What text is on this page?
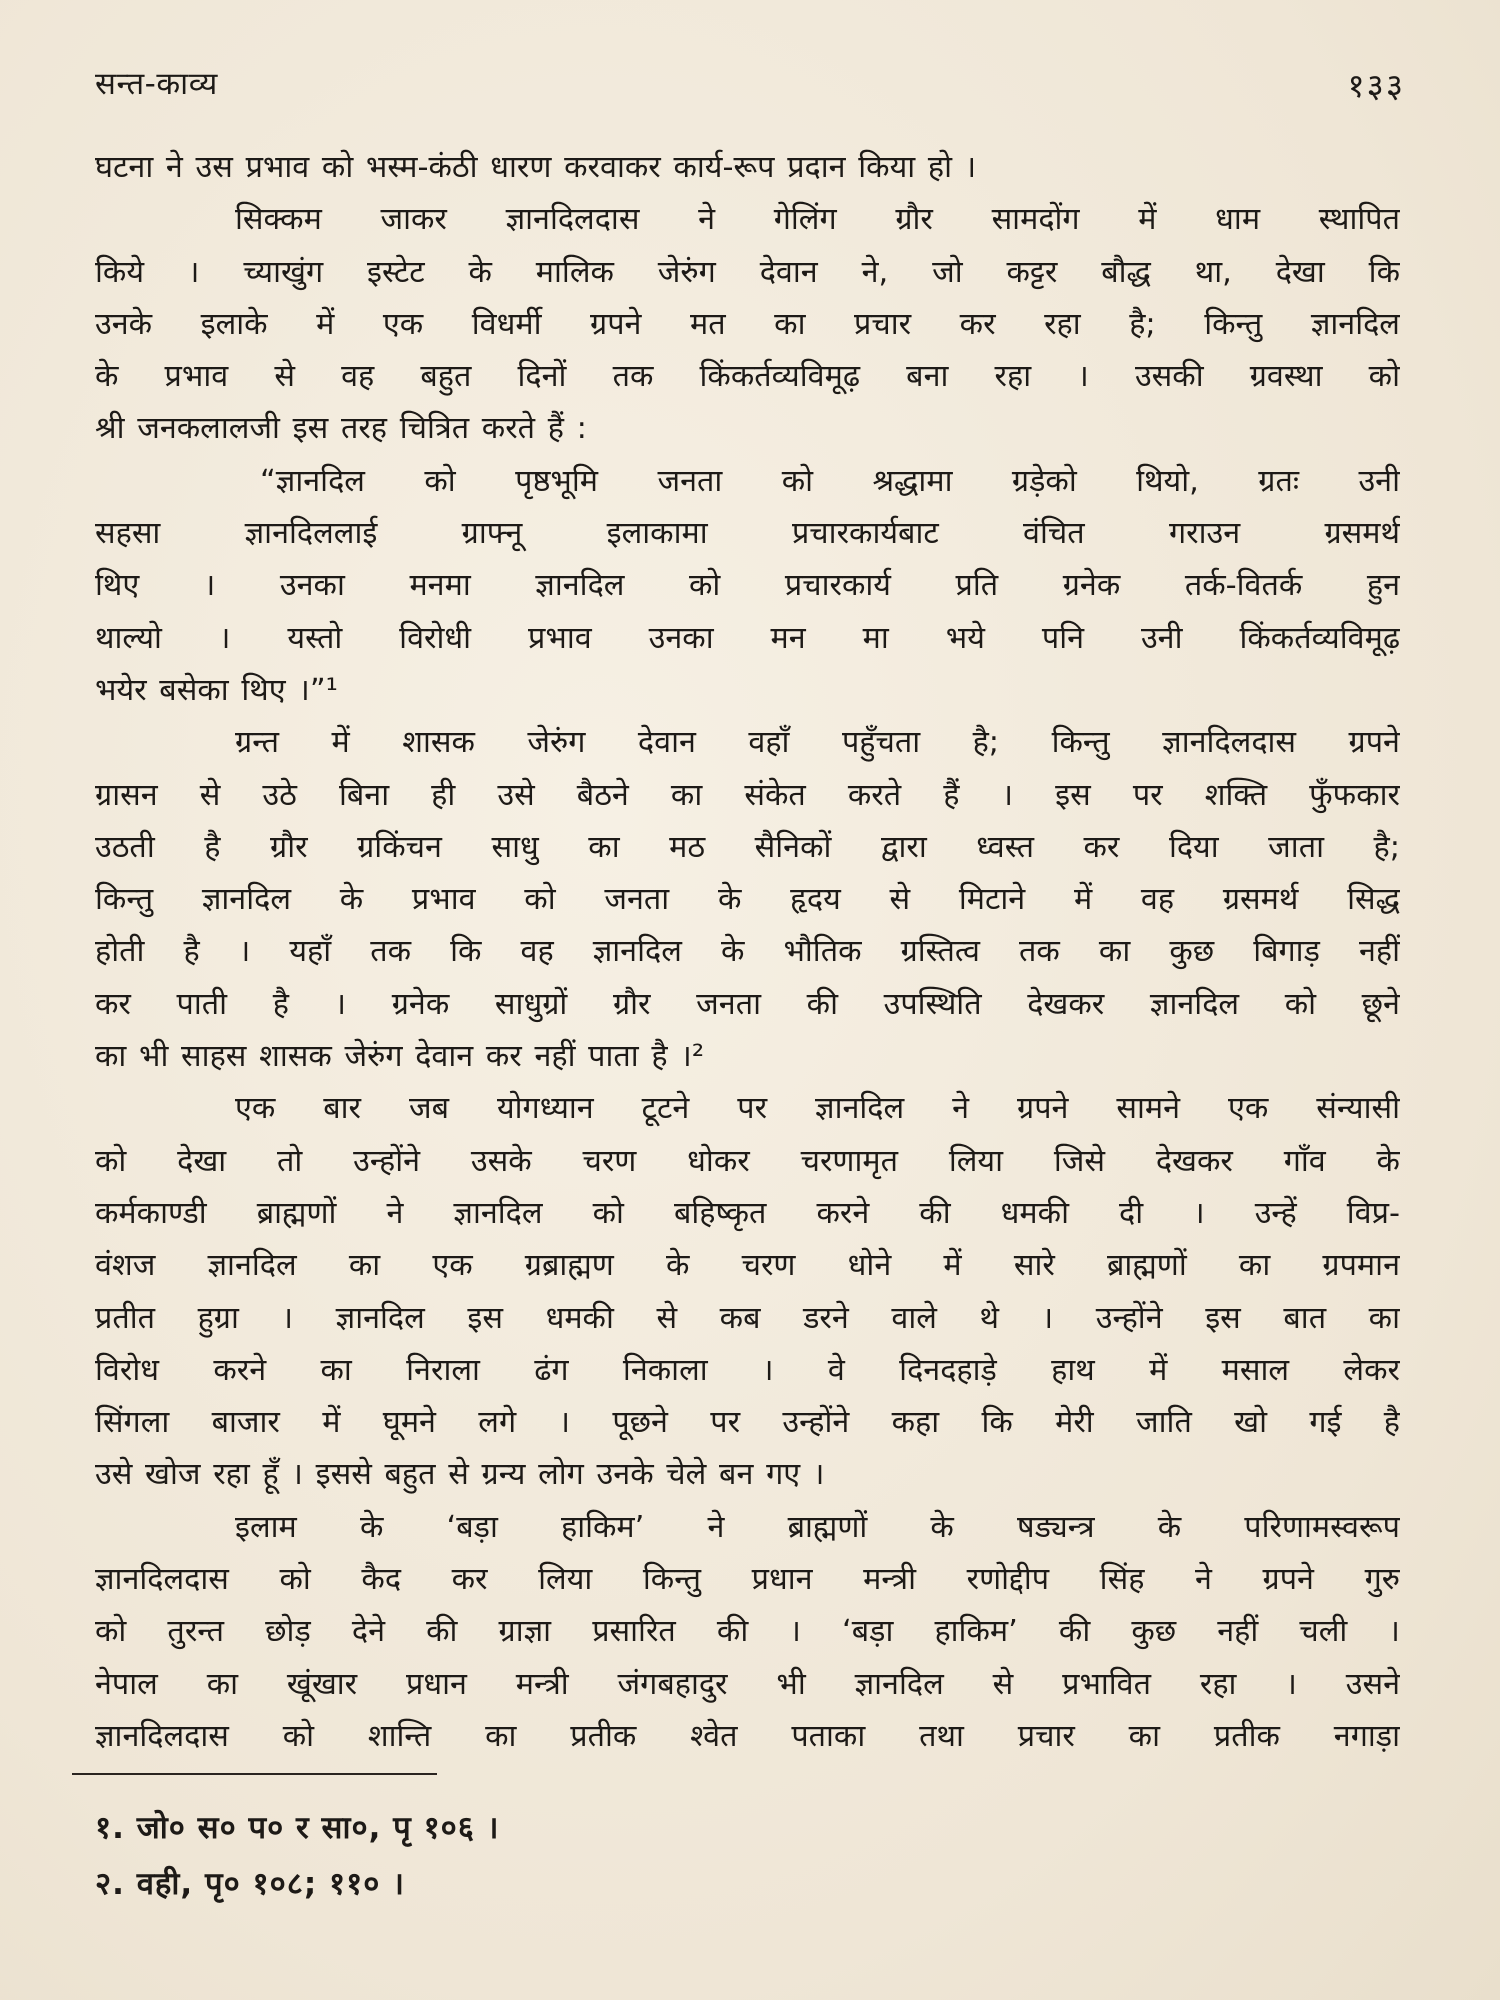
सन्त-काव्य	१३३
घटना ने उस प्रभाव को भस्म-कंठी धारण करवाकर कार्य-रूप प्रदान किया हो ।
सिक्कम जाकर ज्ञानदिलदास ने गेलिंग ग्रौर सामदोंग में धाम स्थापित
किये । च्याखुंग इस्टेट के मालिक जेरुंग देवान ने, जो कट्टर बौद्ध था, देखा कि
उनके इलाके में एक विधर्मी ग्रपने मत का प्रचार कर रहा है; किन्तु ज्ञानदिल
के प्रभाव से वह बहुत दिनों तक किंकर्तव्यविमूढ़ बना रहा । उसकी ग्रवस्था को
श्री जनकलालजी इस तरह चित्रित करते हैं :
“ज्ञानदिल को पृष्ठभूमि जनता को श्रद्धामा ग्रड़ेको थियो, ग्रतः उनी
सहसा ज्ञानदिललाई ग्राफ्नू इलाकामा प्रचारकार्यबाट वंचित गराउन ग्रसमर्थ
थिए । उनका मनमा ज्ञानदिल को प्रचारकार्य प्रति ग्रनेक तर्क-वितर्क हुन
थाल्यो । यस्तो विरोधी प्रभाव उनका मन मा भये पनि उनी किंकर्तव्यविमूढ़
भयेर बसेका थिए ।”¹
ग्रन्त में शासक जेरुंग देवान वहाँ पहुँचता है; किन्तु ज्ञानदिलदास ग्रपने
ग्रासन से उठे बिना ही उसे बैठने का संकेत करते हैं । इस पर शक्ति फुँफकार
उठती है ग्रौर ग्रकिंचन साधु का मठ सैनिकों द्वारा ध्वस्त कर दिया जाता है;
किन्तु ज्ञानदिल के प्रभाव को जनता के हृदय से मिटाने में वह ग्रसमर्थ सिद्ध
होती है । यहाँ तक कि वह ज्ञानदिल के भौतिक ग्रस्तित्व तक का कुछ बिगाड़ नहीं
कर पाती है । ग्रनेक साधुग्रों ग्रौर जनता की उपस्थिति देखकर ज्ञानदिल को छूने
का भी साहस शासक जेरुंग देवान कर नहीं पाता है ।²
एक बार जब योगध्यान टूटने पर ज्ञानदिल ने ग्रपने सामने एक संन्यासी
को देखा तो उन्होंने उसके चरण धोकर चरणामृत लिया जिसे देखकर गाँव के
कर्मकाण्डी ब्राह्मणों ने ज्ञानदिल को बहिष्कृत करने की धमकी दी । उन्हें विप्र-
वंशज ज्ञानदिल का एक ग्रब्राह्मण के चरण धोने में सारे ब्राह्मणों का ग्रपमान
प्रतीत हुग्रा । ज्ञानदिल इस धमकी से कब डरने वाले थे । उन्होंने इस बात का
विरोध करने का निराला ढंग निकाला । वे दिनदहाड़े हाथ में मसाल लेकर
सिंगला बाजार में घूमने लगे । पूछने पर उन्होंने कहा कि मेरी जाति खो गई है
उसे खोज रहा हूँ । इससे बहुत से ग्रन्य लोग उनके चेले बन गए ।
इलाम के ‘बड़ा हाकिम’ ने ब्राह्मणों के षड्यन्त्र के परिणामस्वरूप
ज्ञानदिलदास को कैद कर लिया किन्तु प्रधान मन्त्री रणोद्दीप सिंह ने ग्रपने गुरु
को तुरन्त छोड़ देने की ग्राज्ञा प्रसारित की । ‘बड़ा हाकिम’ की कुछ नहीं चली ।
नेपाल का खूंखार प्रधान मन्त्री जंगबहादुर भी ज्ञानदिल से प्रभावित रहा । उसने
ज्ञानदिलदास को शान्ति का प्रतीक श्वेत पताका तथा प्रचार का प्रतीक नगाड़ा
१. जो० स० प० र सा०, पृ १०६ ।
२. वही, पृ० १०८; ११० ।
